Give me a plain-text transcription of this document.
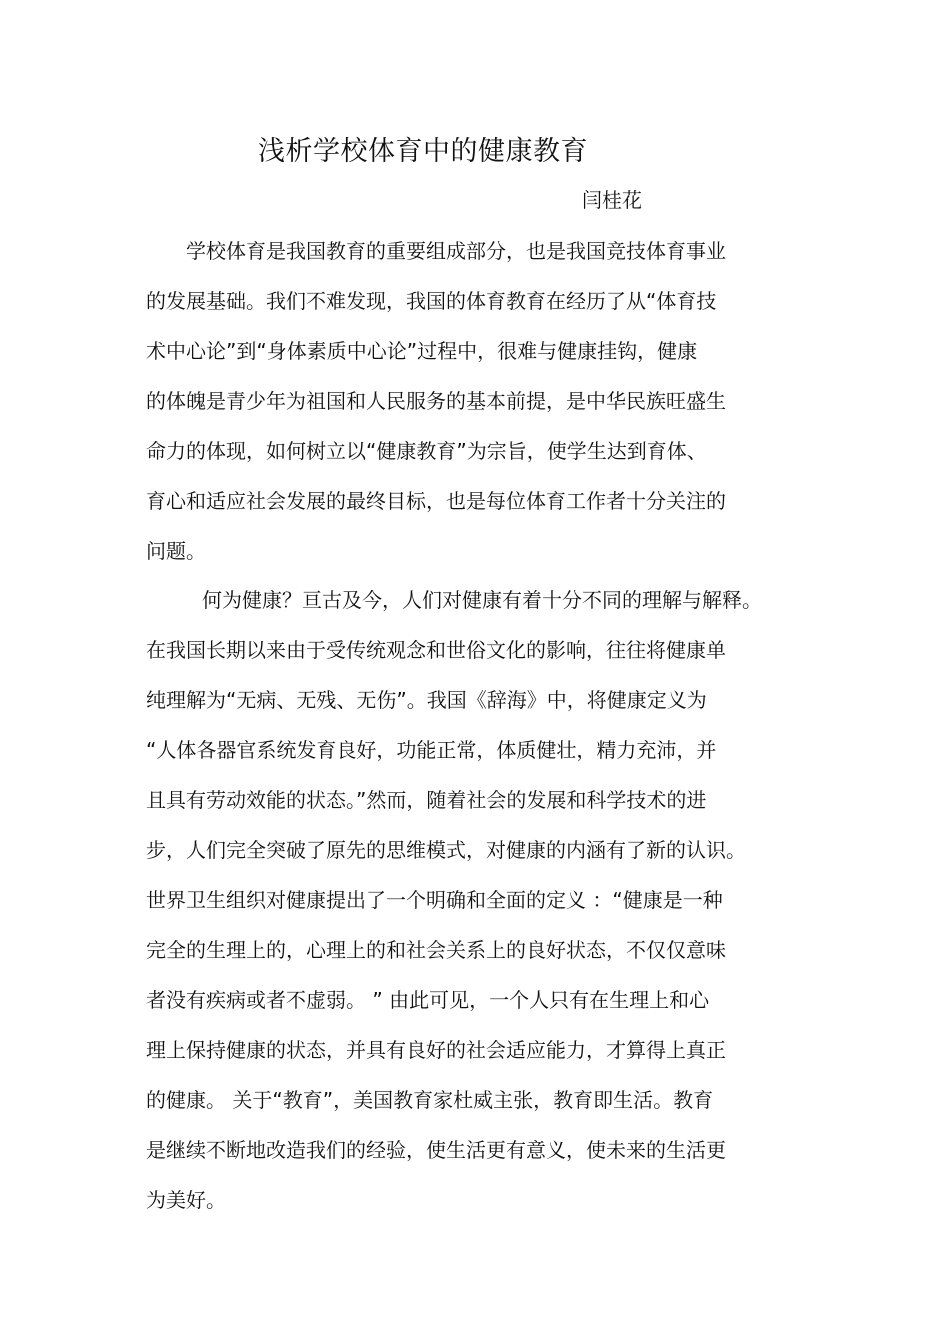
浅析学校体育中的健康教育
闫桂花
学校体育是我国教育的重要组成部分，也是我国竞技体育事业
的发展基础。我们不难发现，我国的体育教育在经历了从“体育技
术中心论”到“身体素质中心论”过程中，很难与健康挂钩，健康
的体魄是青少年为祖国和人民服务的基本前提，是中华民族旺盛生
命力的体现，如何树立以“健康教育”为宗旨，使学生达到育体、
育心和适应社会发展的最终目标，也是每位体育工作者十分关注的
问题。
何为健康？亘古及今，人们对健康有着十分不同的理解与解释。
在我国长期以来由于受传统观念和世俗文化的影响，往往将健康单
纯理解为“无病、无残、无伤”。我国《辞海》中，将健康定义为
“人体各器官系统发育良好，功能正常，体质健壮，精力充沛，并
且具有劳动效能的状态。”然而，随着社会的发展和科学技术的进
步，人们完全突破了原先的思维模式，对健康的内涵有了新的认识。
世界卫生组织对健康提出了一个明确和全面的定义 ：“健康是一种
完全的生理上的，心理上的和社会关系上的良好状态，不仅仅意味
者没有疾病或者不虚弱。 ” 由此可见，一个人只有在生理上和心
理上保持健康的状态，并具有良好的社会适应能力，才算得上真正
的健康。 关于“教育”，美国教育家杜威主张，教育即生活。教育
是继续不断地改造我们的经验，使生活更有意义，使未来的生活更
为美好。
